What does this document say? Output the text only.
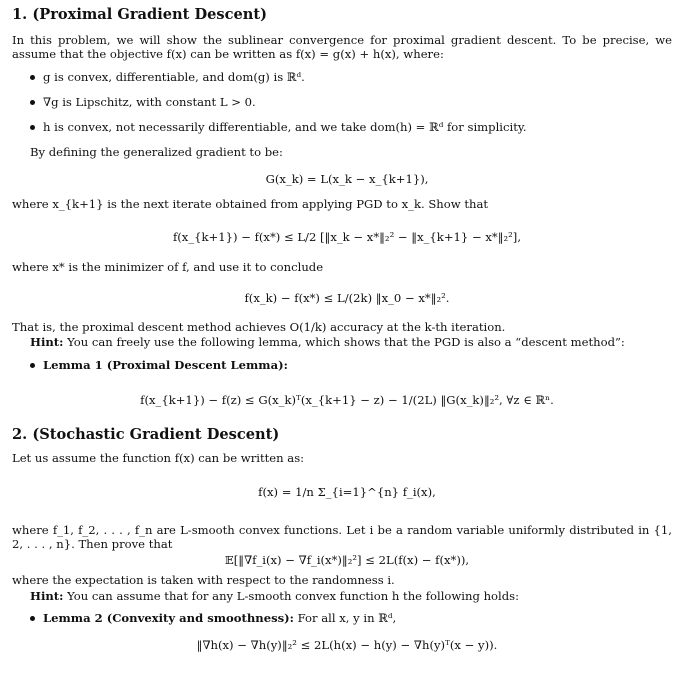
1. (Proximal Gradient Descent)
In this problem, we will show the sublinear convergence for proximal gradient descent. To be precise, we assume that the objective f(x) can be written as f(x) = g(x) + h(x), where:
g is convex, differentiable, and dom(g) is ℝᵈ.
∇g is Lipschitz, with constant L > 0.
h is convex, not necessarily differentiable, and we take dom(h) = ℝᵈ for simplicity.
By defining the generalized gradient to be:
G(x_k) = L(x_k − x_{k+1}),
where x_{k+1} is the next iterate obtained from applying PGD to x_k. Show that
f(x_{k+1}) − f(x*) ≤ L/2 [‖x_k − x*‖₂² − ‖x_{k+1} − x*‖₂²],
where x* is the minimizer of f, and use it to conclude
f(x_k) − f(x*) ≤ L/(2k) ‖x_0 − x*‖₂².
That is, the proximal descent method achieves O(1/k) accuracy at the k-th iteration.
Hint: You can freely use the following lemma, which shows that the PGD is also a “descent method”:
Lemma 1 (Proximal Descent Lemma):
f(x_{k+1}) − f(z) ≤ G(x_k)ᵀ(x_{k+1} − z) − 1/(2L) ‖G(x_k)‖₂², ∀z ∈ ℝⁿ.
2. (Stochastic Gradient Descent)
Let us assume the function f(x) can be written as:
f(x) = 1/n Σ_{i=1}^{n} f_i(x),
where f_1, f_2, . . . , f_n are L-smooth convex functions. Let i be a random variable uniformly distributed in {1, 2, . . . , n}. Then prove that
𝔼[‖∇f_i(x) − ∇f_i(x*)‖₂²] ≤ 2L(f(x) − f(x*)),
where the expectation is taken with respect to the randomness i.
Hint: You can assume that for any L-smooth convex function h the following holds:
Lemma 2 (Convexity and smoothness): For all x, y in ℝᵈ,
‖∇h(x) − ∇h(y)‖₂² ≤ 2L(h(x) − h(y) − ∇h(y)ᵀ(x − y)).
